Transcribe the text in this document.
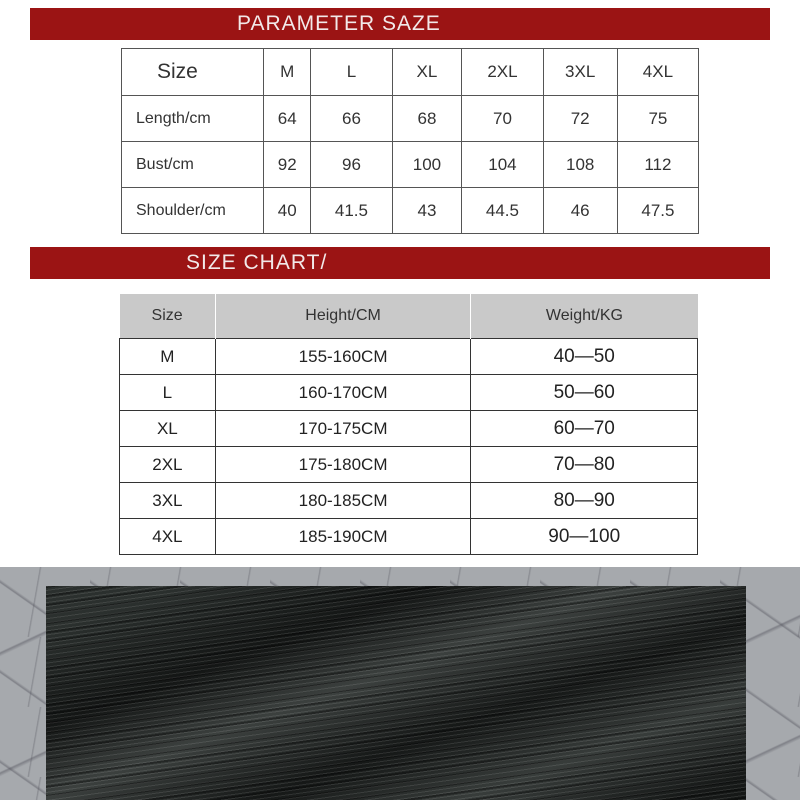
PARAMETER SAZE
Size	M	L	XL	2XL	3XL	4XL
Length/cm	64	66	68	70	72	75
Bust/cm	92	96	100	104	108	112
Shoulder/cm	40	41.5	43	44.5	46	47.5
SIZE CHART/
Size	Height/CM	Weight/KG
M	155-160CM	40—50
L	160-170CM	50—60
XL	170-175CM	60—70
2XL	175-180CM	70—80
3XL	180-185CM	80—90
4XL	185-190CM	90—100
